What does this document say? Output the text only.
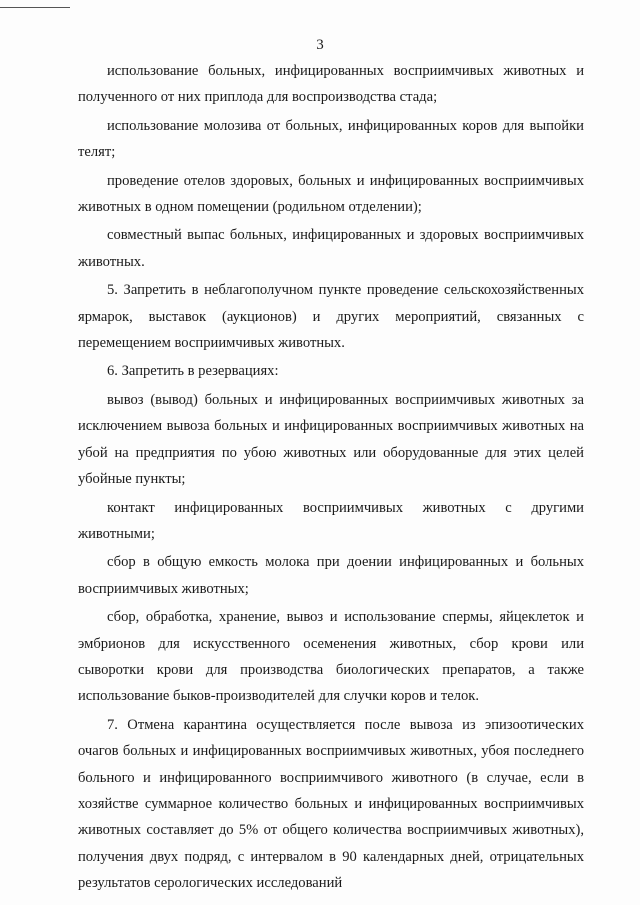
3

использование больных, инфицированных восприимчивых животных и полученного от них приплода для воспроизводства стада;

использование молозива от больных, инфицированных коров для выпойки телят;

проведение отелов здоровых, больных и инфицированных восприимчивых животных в одном помещении (родильном отделении);

совместный выпас больных, инфицированных и здоровых восприимчивых животных.

5. Запретить в неблагополучном пункте проведение сельскохозяйственных ярмарок, выставок (аукционов) и других мероприятий, связанных с перемещением восприимчивых животных.

6. Запретить в резервациях:

вывоз (вывод) больных и инфицированных восприимчивых животных за исключением вывоза больных и инфицированных восприимчивых животных на убой на предприятия по убою животных или оборудованные для этих целей убойные пункты;

контакт инфицированных восприимчивых животных с другими животными;

сбор в общую емкость молока при доении инфицированных и больных восприимчивых животных;

сбор, обработка, хранение, вывоз и использование спермы, яйцеклеток и эмбрионов для искусственного осеменения животных, сбор крови или сыворотки крови для производства биологических препаратов, а также использование быков-производителей для случки коров и телок.

7. Отмена карантина осуществляется после вывоза из эпизоотических очагов больных и инфицированных восприимчивых животных, убоя последнего больного и инфицированного восприимчивого животного (в случае, если в хозяйстве суммарное количество больных и инфицированных восприимчивых животных составляет до 5% от общего количества восприимчивых животных), получения двух подряд, с интервалом в 90 календарных дней, отрицательных результатов серологических исследований
